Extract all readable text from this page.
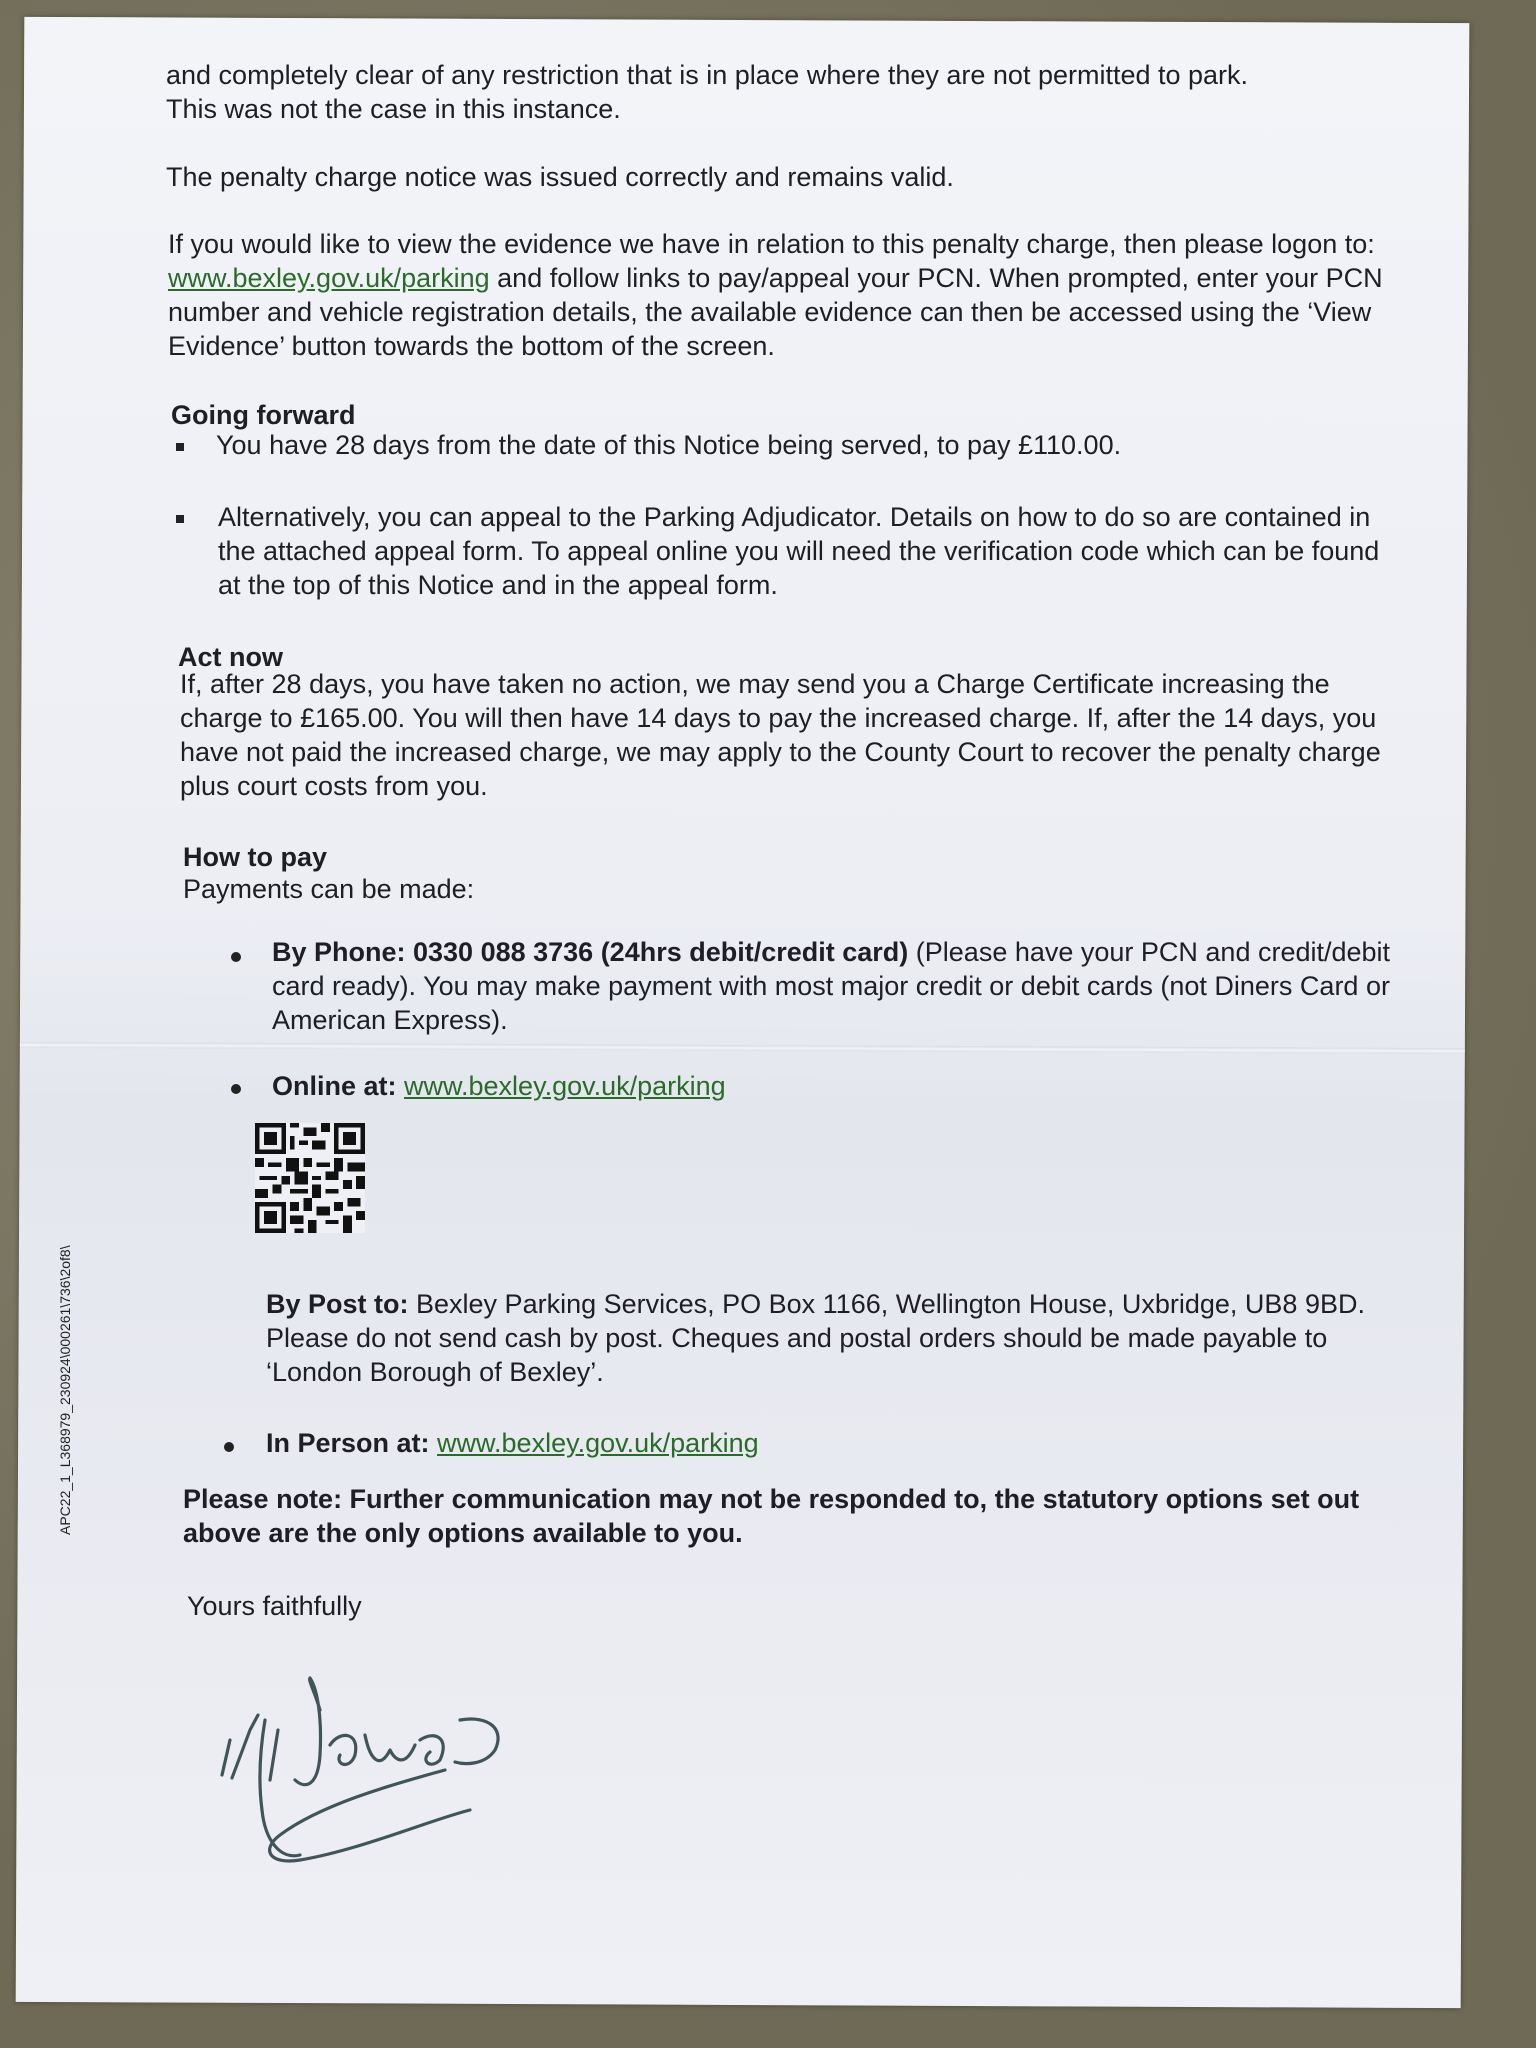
and completely clear of any restriction that is in place where they are not permitted to park.
This was not the case in this instance.
The penalty charge notice was issued correctly and remains valid.
If you would like to view the evidence we have in relation to this penalty charge, then please logon to: www.bexley.gov.uk/parking and follow links to pay/appeal your PCN. When prompted, enter your PCN number and vehicle registration details, the available evidence can then be accessed using the ‘View Evidence’ button towards the bottom of the screen.
Going forward
You have 28 days from the date of this Notice being served, to pay £110.00.
Alternatively, you can appeal to the Parking Adjudicator. Details on how to do so are contained in the attached appeal form. To appeal online you will need the verification code which can be found at the top of this Notice and in the appeal form.
Act now
If, after 28 days, you have taken no action, we may send you a Charge Certificate increasing the charge to £165.00. You will then have 14 days to pay the increased charge. If, after the 14 days, you have not paid the increased charge, we may apply to the County Court to recover the penalty charge plus court costs from you.
How to pay
Payments can be made:
By Phone: 0330 088 3736 (24hrs debit/credit card) (Please have your PCN and credit/debit card ready). You may make payment with most major credit or debit cards (not Diners Card or American Express).
Online at: www.bexley.gov.uk/parking
By Post to: Bexley Parking Services, PO Box 1166, Wellington House, Uxbridge, UB8 9BD. Please do not send cash by post. Cheques and postal orders should be made payable to ‘London Borough of Bexley’.
In Person at: www.bexley.gov.uk/parking
Please note: Further communication may not be responded to, the statutory options set out above are the only options available to you.
Yours faithfully
APC22_1_L368979_230924\000261\736\2of8\
